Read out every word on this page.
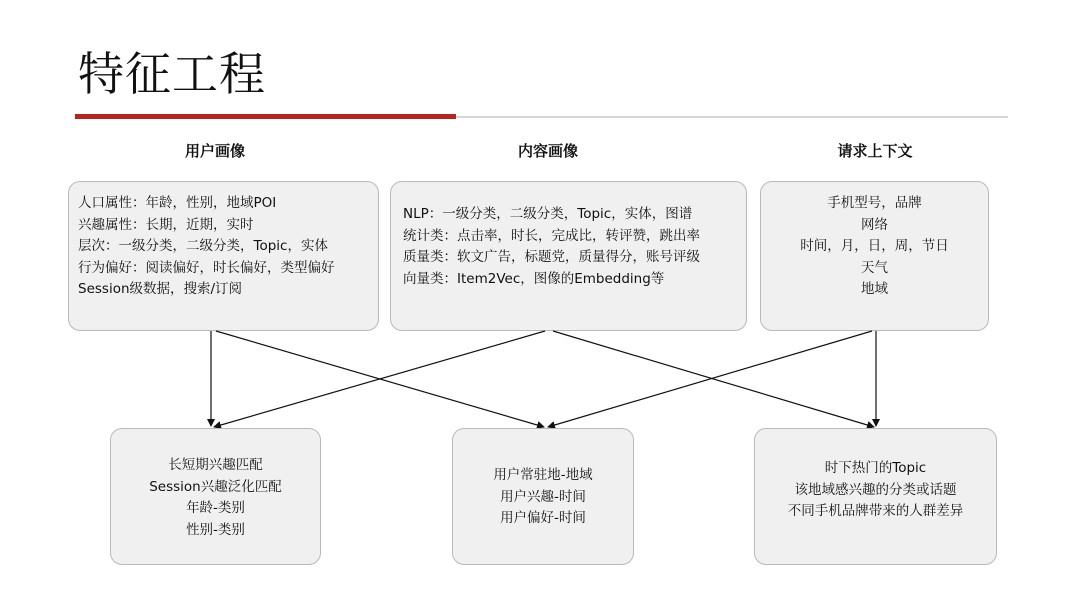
特征工程
用户画像	内容画像	请求上下文
人口属性：年龄，性别，地域POI
兴趣属性：长期，近期，实时
层次：一级分类，二级分类，Topic，实体
行为偏好：阅读偏好，时长偏好，类型偏好
Session级数据，搜索/订阅
NLP：一级分类，二级分类，Topic，实体，图谱
统计类：点击率，时长，完成比，转评赞，跳出率
质量类：软文广告，标题党，质量得分，账号评级
向量类：Item2Vec，图像的Embedding等
手机型号，品牌
网络
时间，月，日，周，节日
天气
地域
长短期兴趣匹配
Session兴趣泛化匹配
年龄-类别
性别-类别
用户常驻地-地域
用户兴趣-时间
用户偏好-时间
时下热门的Topic
该地域感兴趣的分类或话题
不同手机品牌带来的人群差异
